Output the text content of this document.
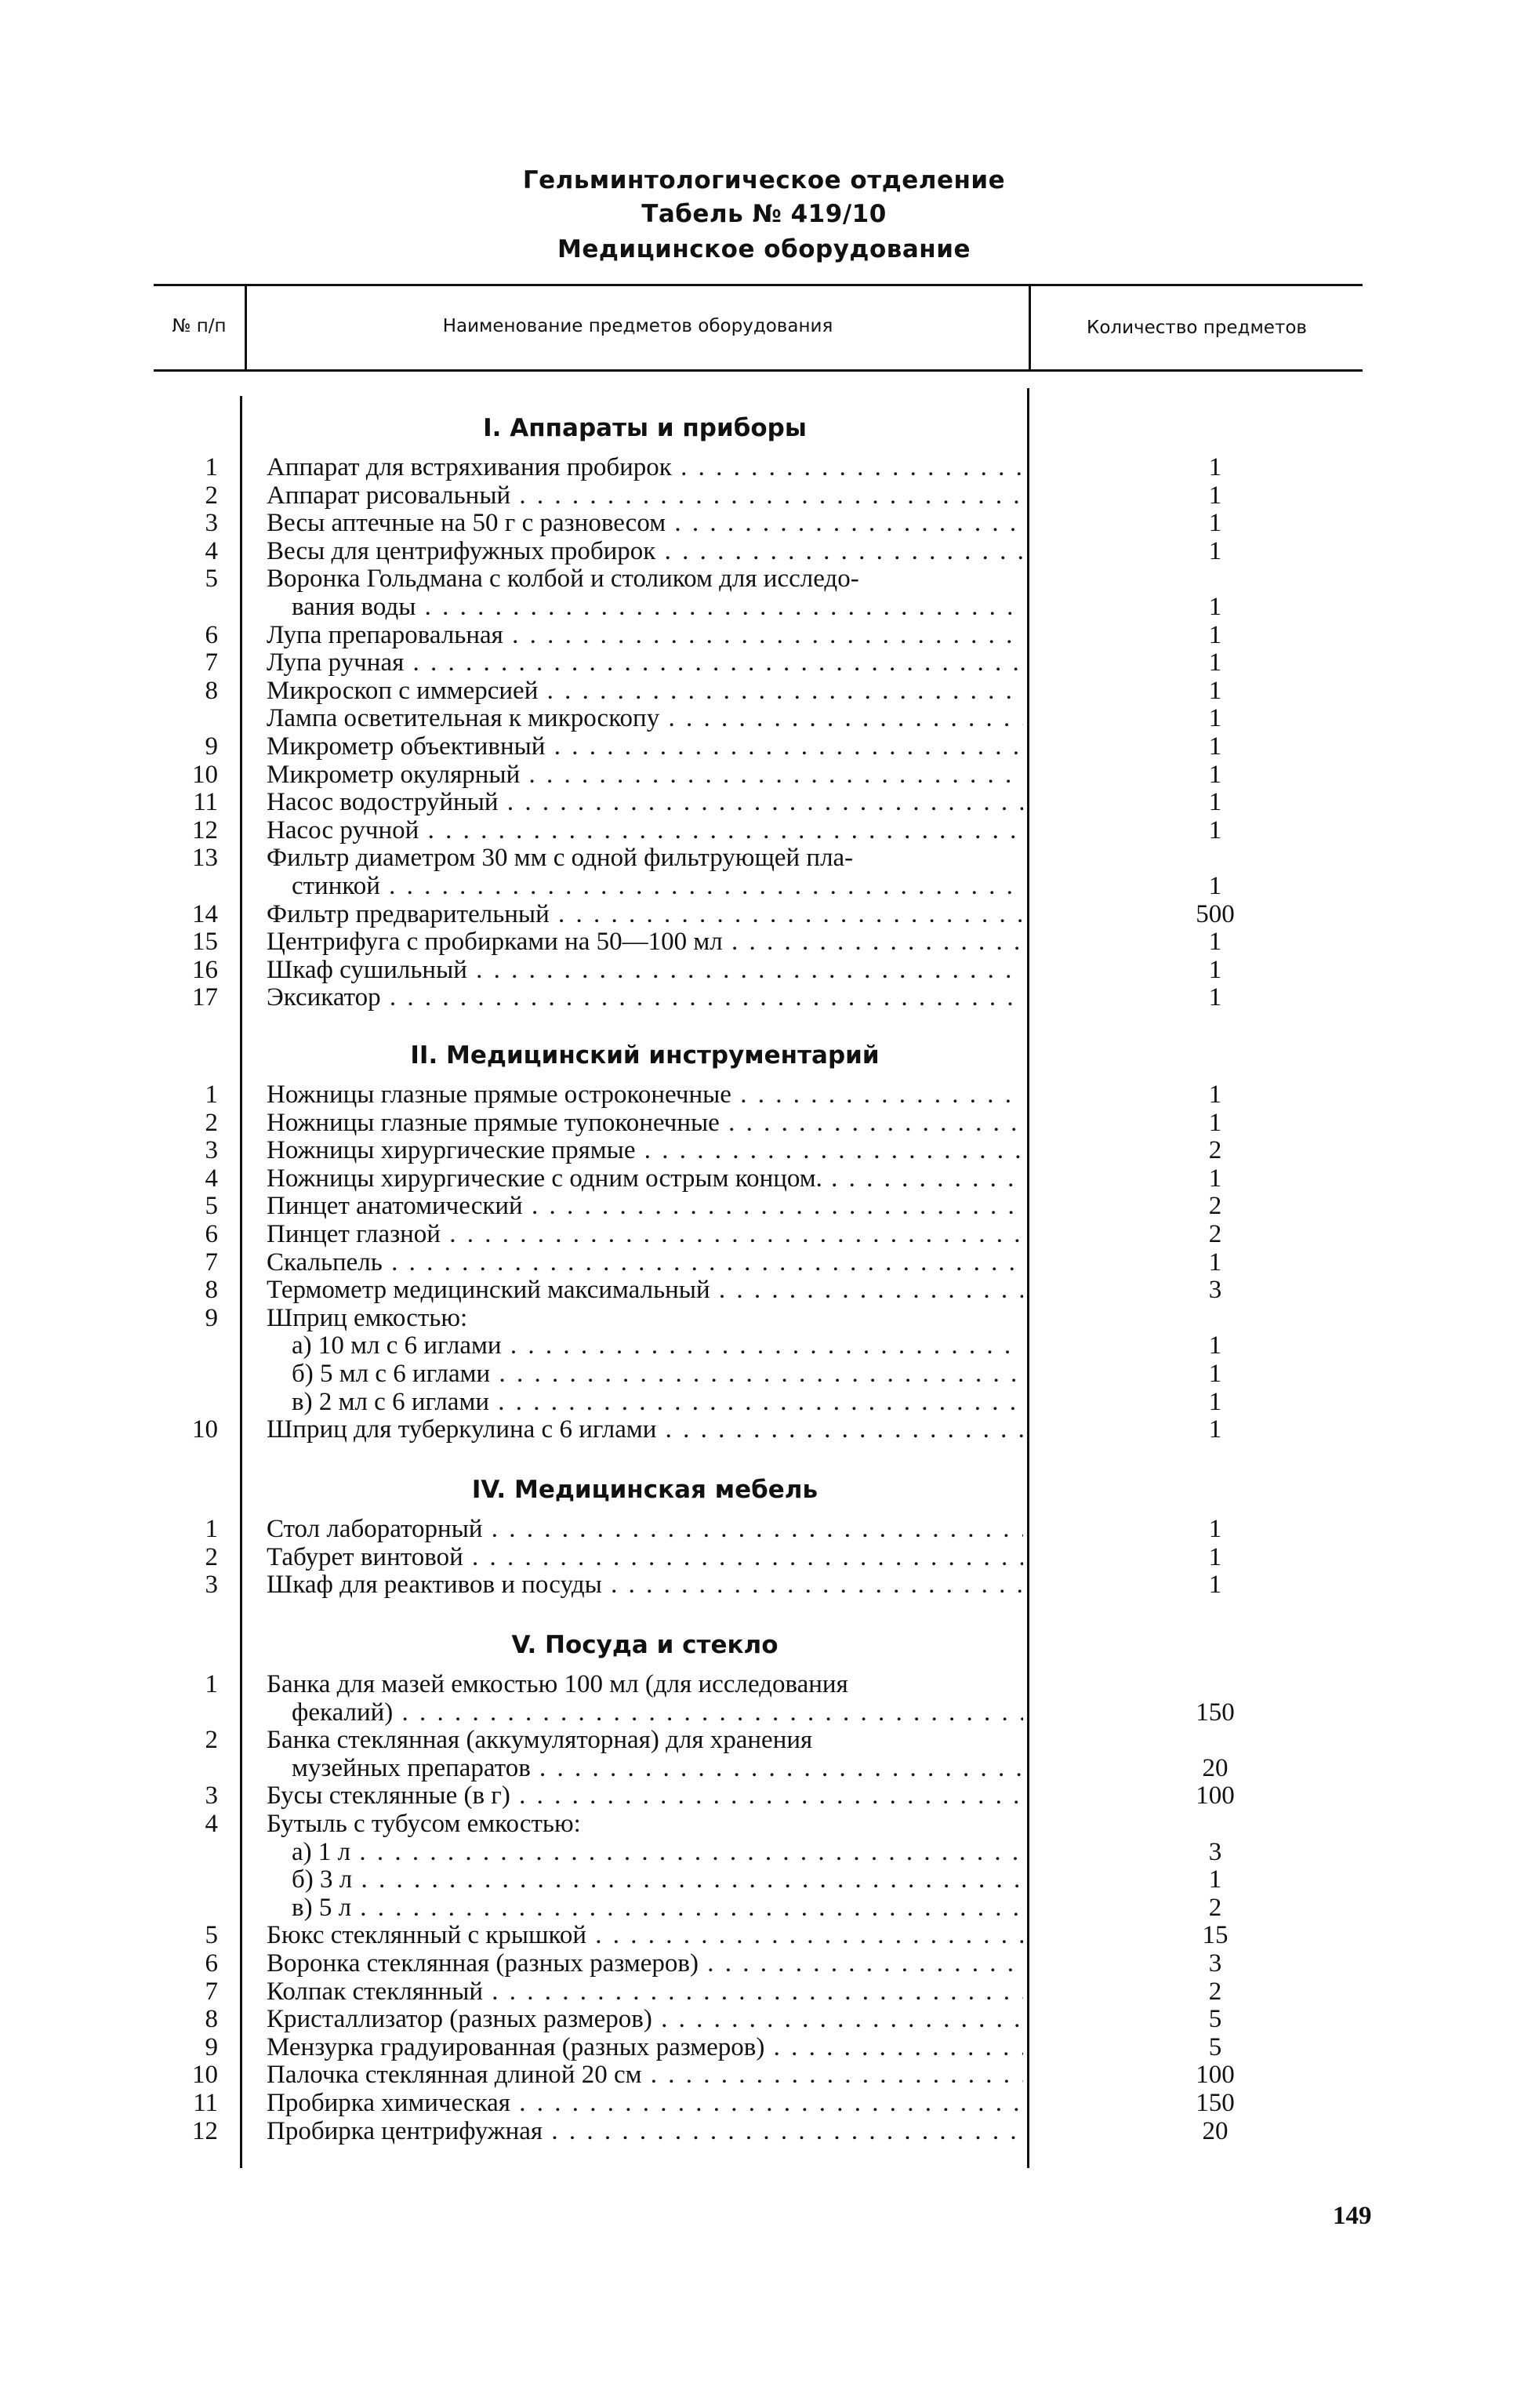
Гельминтологическое отделение
Табель № 419/10
Медицинское оборудование
№ п/п	Наименование предметов оборудования	Количество предметов
I. Аппараты и приборы
1 Аппарат для встряхивания пробирок . . .	1
2 Аппарат рисовальный . . .	1
3 Весы аптечные на 50 г с разновесом . . .	1
4 Весы для центрифужных пробирок . . .	1
5 Воронка Гольдмана с колбой и столиком для исследо-
вания воды . . .	1
6 Лупа препаровальная . . .	1
7 Лупа ручная . . .	1
8 Микроскоп с иммерсией . . .	1
Лампа осветительная к микроскопу . . .	1
9 Микрометр объективный . . .	1
10 Микрометр окулярный . . .	1
11 Насос водоструйный . . .	1
12 Насос ручной . . .	1
13 Фильтр диаметром 30 мм с одной фильтрующей пла-
стинкой . . .	1
14 Фильтр предварительный . . .	500
15 Центрифуга с пробирками на 50—100 мл . . .	1
16 Шкаф сушильный . . .	1
17 Эксикатор . . .	1
II. Медицинский инструментарий
1 Ножницы глазные прямые остроконечные . . .	1
2 Ножницы глазные прямые тупоконечные . . .	1
3 Ножницы хирургические прямые . . .	2
4 Ножницы хирургические с одним острым концом. . . .	1
5 Пинцет анатомический . . .	2
6 Пинцет глазной . . .	2
7 Скальпель . . .	1
8 Термометр медицинский максимальный . . .	3
9 Шприц емкостью:
а) 10 мл с 6 иглами . . .	1
б) 5 мл с 6 иглами . . .	1
в) 2 мл с 6 иглами . . .	1
10 Шприц для туберкулина с 6 иглами . . .	1
IV. Медицинская мебель
1 Стол лабораторный . . .	1
2 Табурет винтовой . . .	1
3 Шкаф для реактивов и посуды . . .	1
V. Посуда и стекло
1 Банка для мазей емкостью 100 мл (для исследования
фекалий) . . .	150
2 Банка стеклянная (аккумуляторная) для хранения
музейных препаратов . . .	20
3 Бусы стеклянные (в г) . . .	100
4 Бутыль с тубусом емкостью:
а) 1 л . . .	3
б) 3 л . . .	1
в) 5 л . . .	2
5 Бюкс стеклянный с крышкой . . .	15
6 Воронка стеклянная (разных размеров) . . .	3
7 Колпак стеклянный . . .	2
8 Кристаллизатор (разных размеров) . . .	5
9 Мензурка градуированная (разных размеров) . . .	5
10 Палочка стеклянная длиной 20 см . . .	100
11 Пробирка химическая . . .	150
12 Пробирка центрифужная . . .	20
149
